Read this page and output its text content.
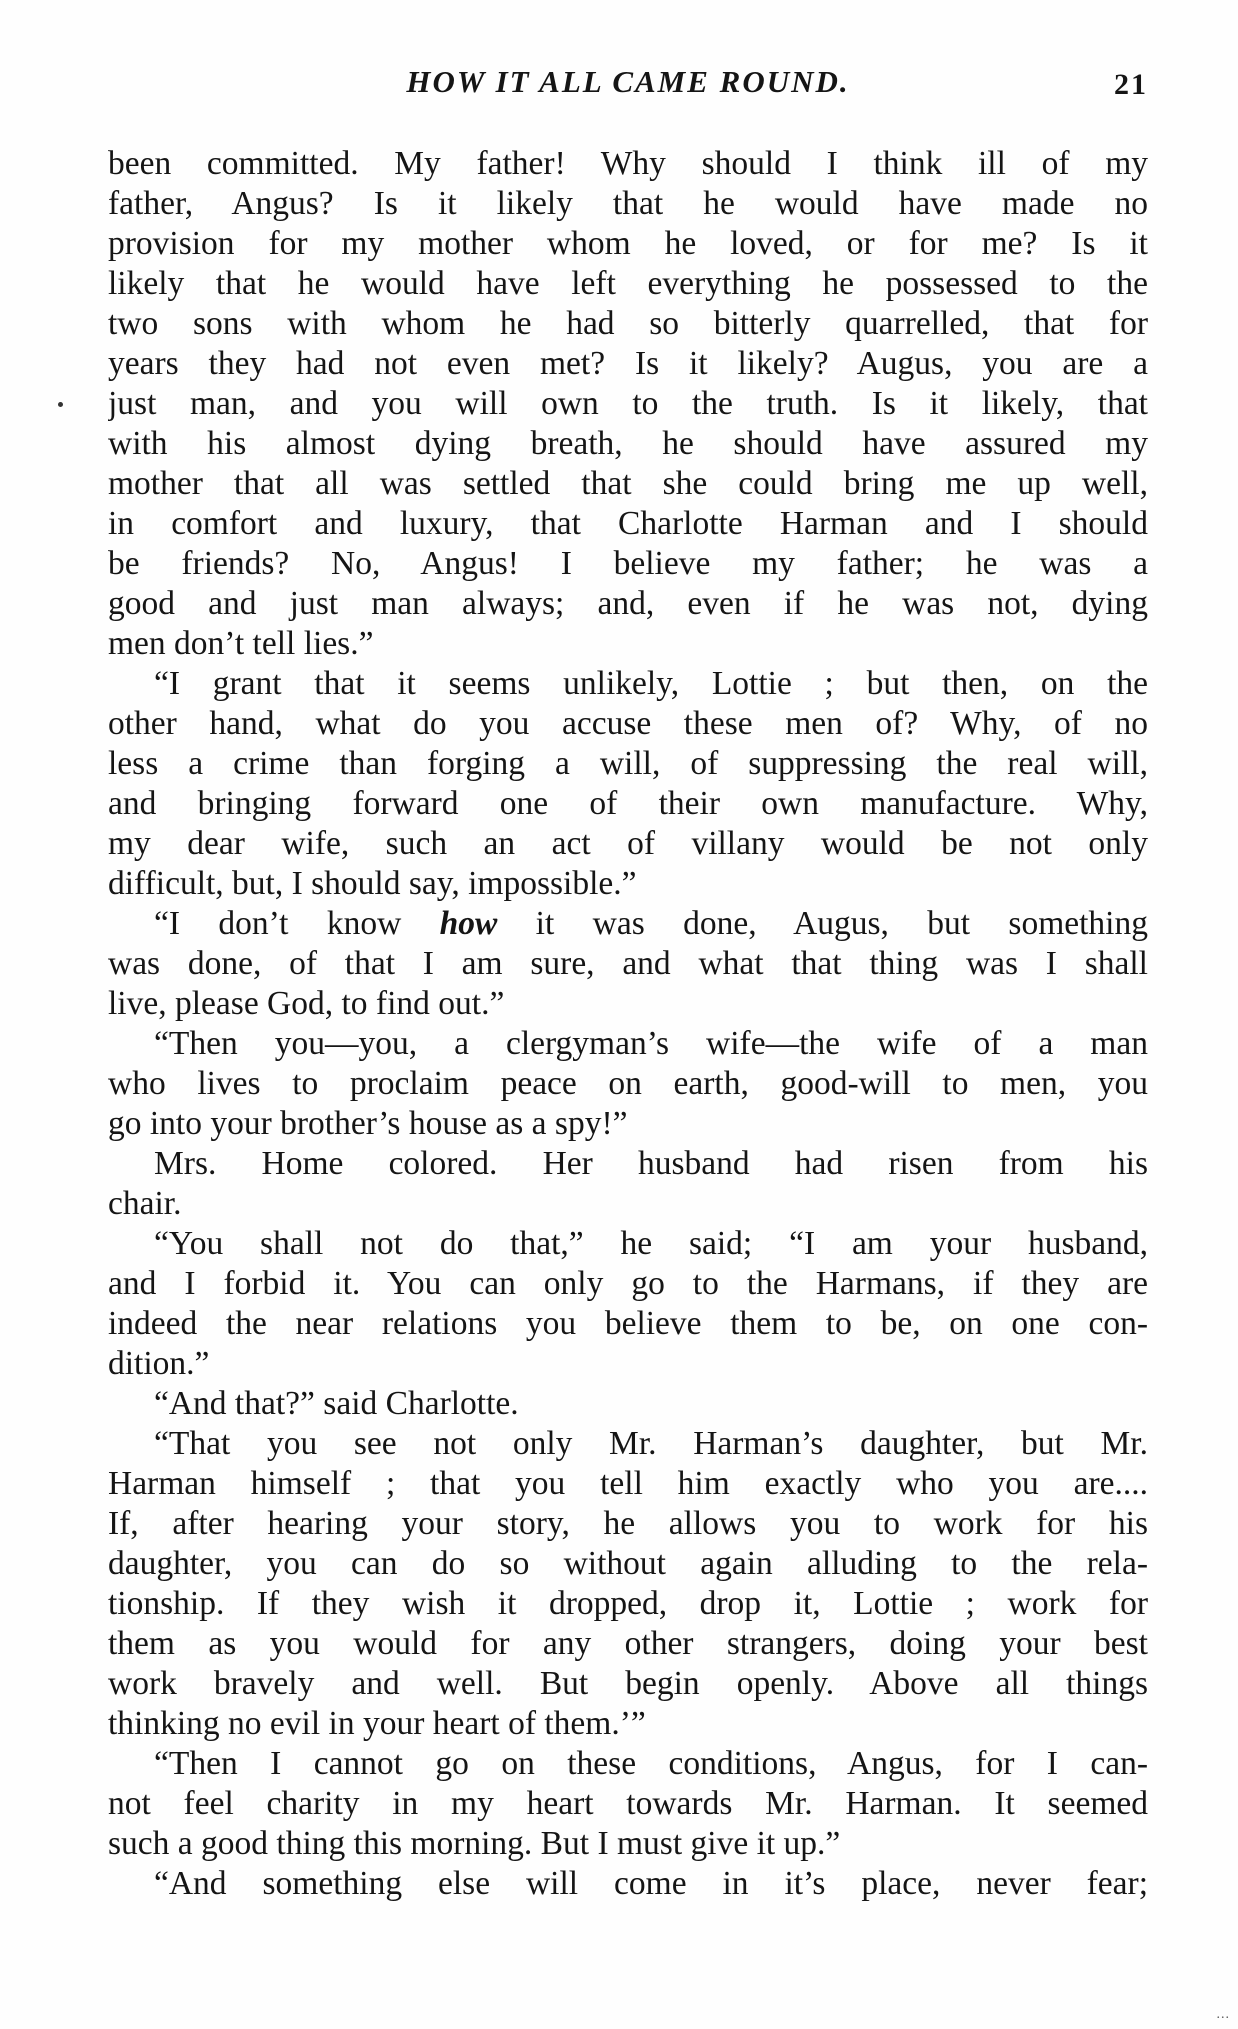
HOW IT ALL CAME ROUND.	21
been committed. My father! Why should I think ill of my
father, Angus? Is it likely that he would have made no
provision for my mother whom he loved, or for me? Is it
likely that he would have left everything he possessed to the
two sons with whom he had so bitterly quarrelled, that for
years they had not even met? Is it likely? Augus, you are a
just man, and you will own to the truth. Is it likely, that
with his almost dying breath, he should have assured my
mother that all was settled that she could bring me up well,
in comfort and luxury, that Charlotte Harman and I should
be friends? No, Angus! I believe my father; he was a
good and just man always; and, even if he was not, dying
men don’t tell lies.”
“I grant that it seems unlikely, Lottie ; but then, on the
other hand, what do you accuse these men of? Why, of no
less a crime than forging a will, of suppressing the real will,
and bringing forward one of their own manufacture. Why,
my dear wife, such an act of villany would be not only
difficult, but, I should say, impossible.”
“I don’t know how it was done, Augus, but something
was done, of that I am sure, and what that thing was I shall
live, please God, to find out.”
“Then you—you, a clergyman’s wife—the wife of a man
who lives to proclaim peace on earth, good-will to men, you
go into your brother’s house as a spy!”
Mrs. Home colored. Her husband had risen from his
chair.
“You shall not do that,” he said; “I am your husband,
and I forbid it. You can only go to the Harmans, if they are
indeed the near relations you believe them to be, on one con-
dition.”
“And that?” said Charlotte.
“That you see not only Mr. Harman’s daughter, but Mr.
Harman himself ; that you tell him exactly who you are....
If, after hearing your story, he allows you to work for his
daughter, you can do so without again alluding to the rela-
tionship. If they wish it dropped, drop it, Lottie ; work for
them as you would for any other strangers, doing your best
work bravely and well. But begin openly. Above all things
thinking no evil in your heart of them.’”
“Then I cannot go on these conditions, Angus, for I can-
not feel charity in my heart towards Mr. Harman. It seemed
such a good thing this morning. But I must give it up.”
“And something else will come in it’s place, never fear;
...
